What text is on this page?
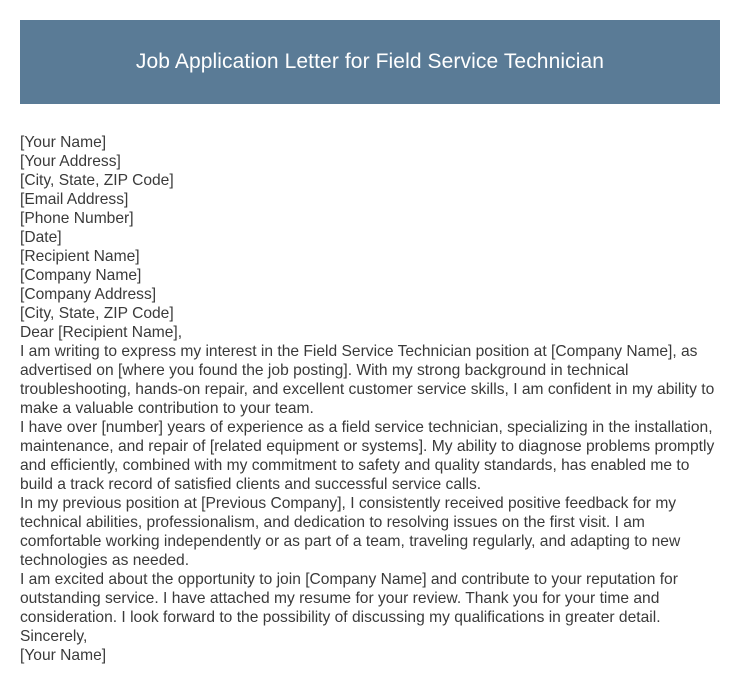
Job Application Letter for Field Service Technician
[Your Name]
[Your Address]
[City, State, ZIP Code]
[Email Address]
[Phone Number]
[Date]
[Recipient Name]
[Company Name]
[Company Address]
[City, State, ZIP Code]
Dear [Recipient Name],
I am writing to express my interest in the Field Service Technician position at [Company Name], as advertised on [where you found the job posting]. With my strong background in technical troubleshooting, hands-on repair, and excellent customer service skills, I am confident in my ability to make a valuable contribution to your team.
I have over [number] years of experience as a field service technician, specializing in the installation, maintenance, and repair of [related equipment or systems]. My ability to diagnose problems promptly and efficiently, combined with my commitment to safety and quality standards, has enabled me to build a track record of satisfied clients and successful service calls.
In my previous position at [Previous Company], I consistently received positive feedback for my technical abilities, professionalism, and dedication to resolving issues on the first visit. I am comfortable working independently or as part of a team, traveling regularly, and adapting to new technologies as needed.
I am excited about the opportunity to join [Company Name] and contribute to your reputation for outstanding service. I have attached my resume for your review. Thank you for your time and consideration. I look forward to the possibility of discussing my qualifications in greater detail.
Sincerely,
[Your Name]
